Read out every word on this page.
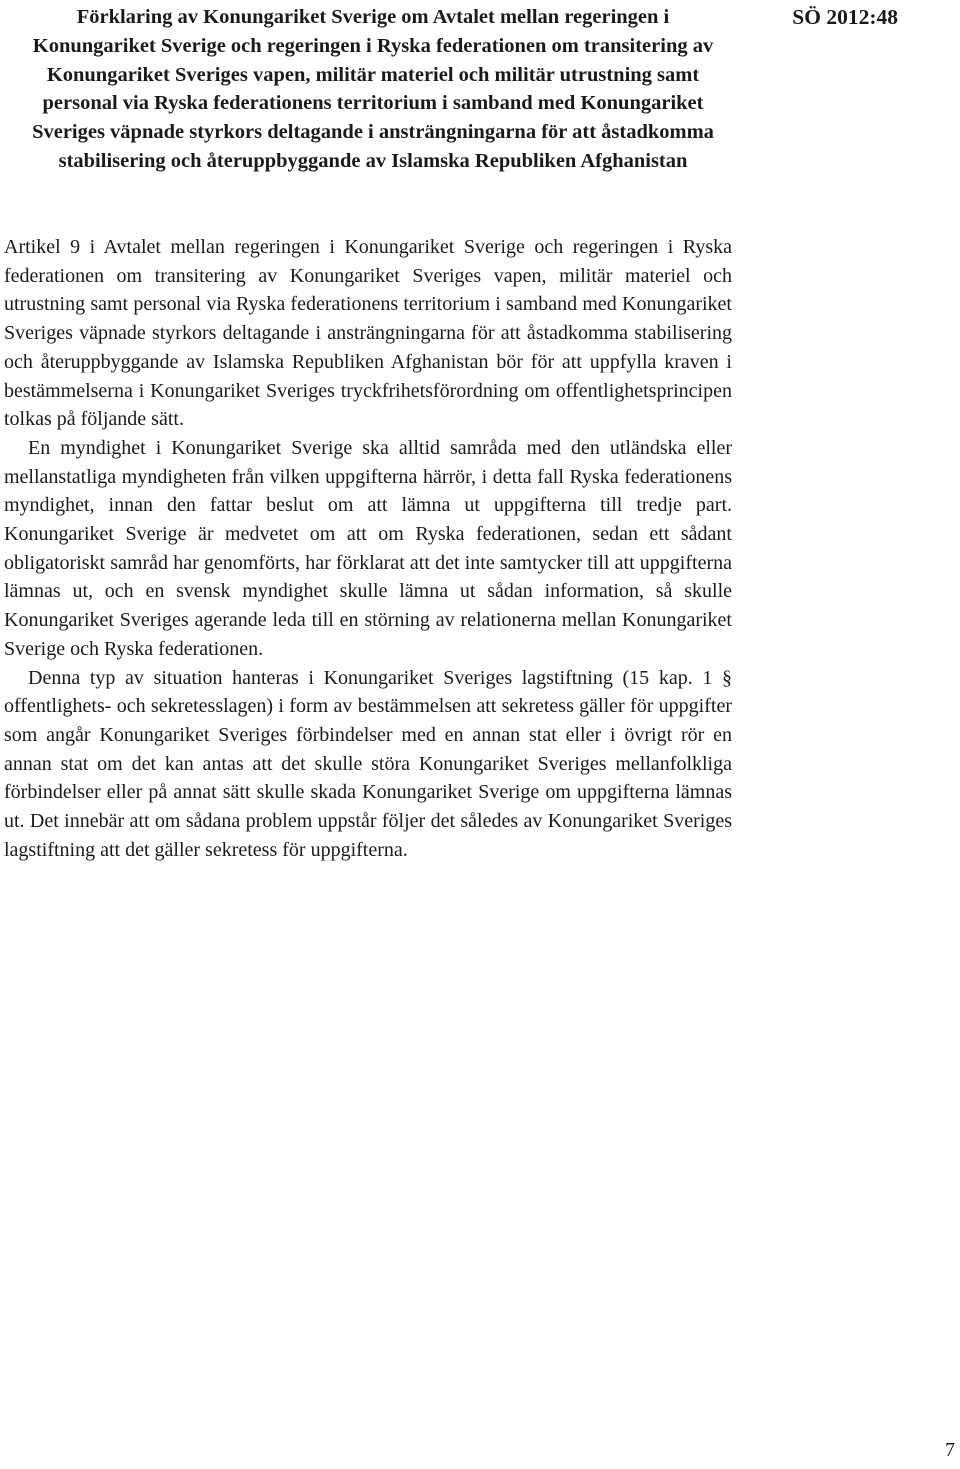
Förklaring av Konungariket Sverige om Avtalet mellan regeringen i Konungariket Sverige och regeringen i Ryska federationen om transitering av Konungariket Sveriges vapen, militär materiel och militär utrustning samt personal via Ryska federationens territorium i samband med Konungariket Sveriges väpnade styrkors deltagande i ansträngningarna för att åstadkomma stabilisering och återuppbyggande av Islamska Republiken Afghanistan
SÖ 2012:48

Artikel 9 i Avtalet mellan regeringen i Konungariket Sverige och regeringen i Ryska federationen om transitering av Konungariket Sveriges vapen, militär materiel och utrustning samt personal via Ryska federationens territorium i samband med Konungariket Sveriges väpnade styrkors deltagande i ansträngningarna för att åstadkomma stabilisering och återuppbyggande av Islamska Republiken Afghanistan bör för att uppfylla kraven i bestämmelserna i Konungariket Sveriges tryckfrihetsförordning om offentlighetsprincipen tolkas på följande sätt.

En myndighet i Konungariket Sverige ska alltid samråda med den utländska eller mellanstatliga myndigheten från vilken uppgifterna härrör, i detta fall Ryska federationens myndighet, innan den fattar beslut om att lämna ut uppgifterna till tredje part. Konungariket Sverige är medvetet om att om Ryska federationen, sedan ett sådant obligatoriskt samråd har genomförts, har förklarat att det inte samtycker till att uppgifterna lämnas ut, och en svensk myndighet skulle lämna ut sådan information, så skulle Konungariket Sveriges agerande leda till en störning av relationerna mellan Konungariket Sverige och Ryska federationen.

Denna typ av situation hanteras i Konungariket Sveriges lagstiftning (15 kap. 1 § offentlighets- och sekretesslagen) i form av bestämmelsen att sekretess gäller för uppgifter som angår Konungariket Sveriges förbindelser med en annan stat eller i övrigt rör en annan stat om det kan antas att det skulle störa Konungariket Sveriges mellanfolkliga förbindelser eller på annat sätt skulle skada Konungariket Sverige om uppgifterna lämnas ut. Det innebär att om sådana problem uppstår följer det således av Konungariket Sveriges lagstiftning att det gäller sekretess för uppgifterna.

7
